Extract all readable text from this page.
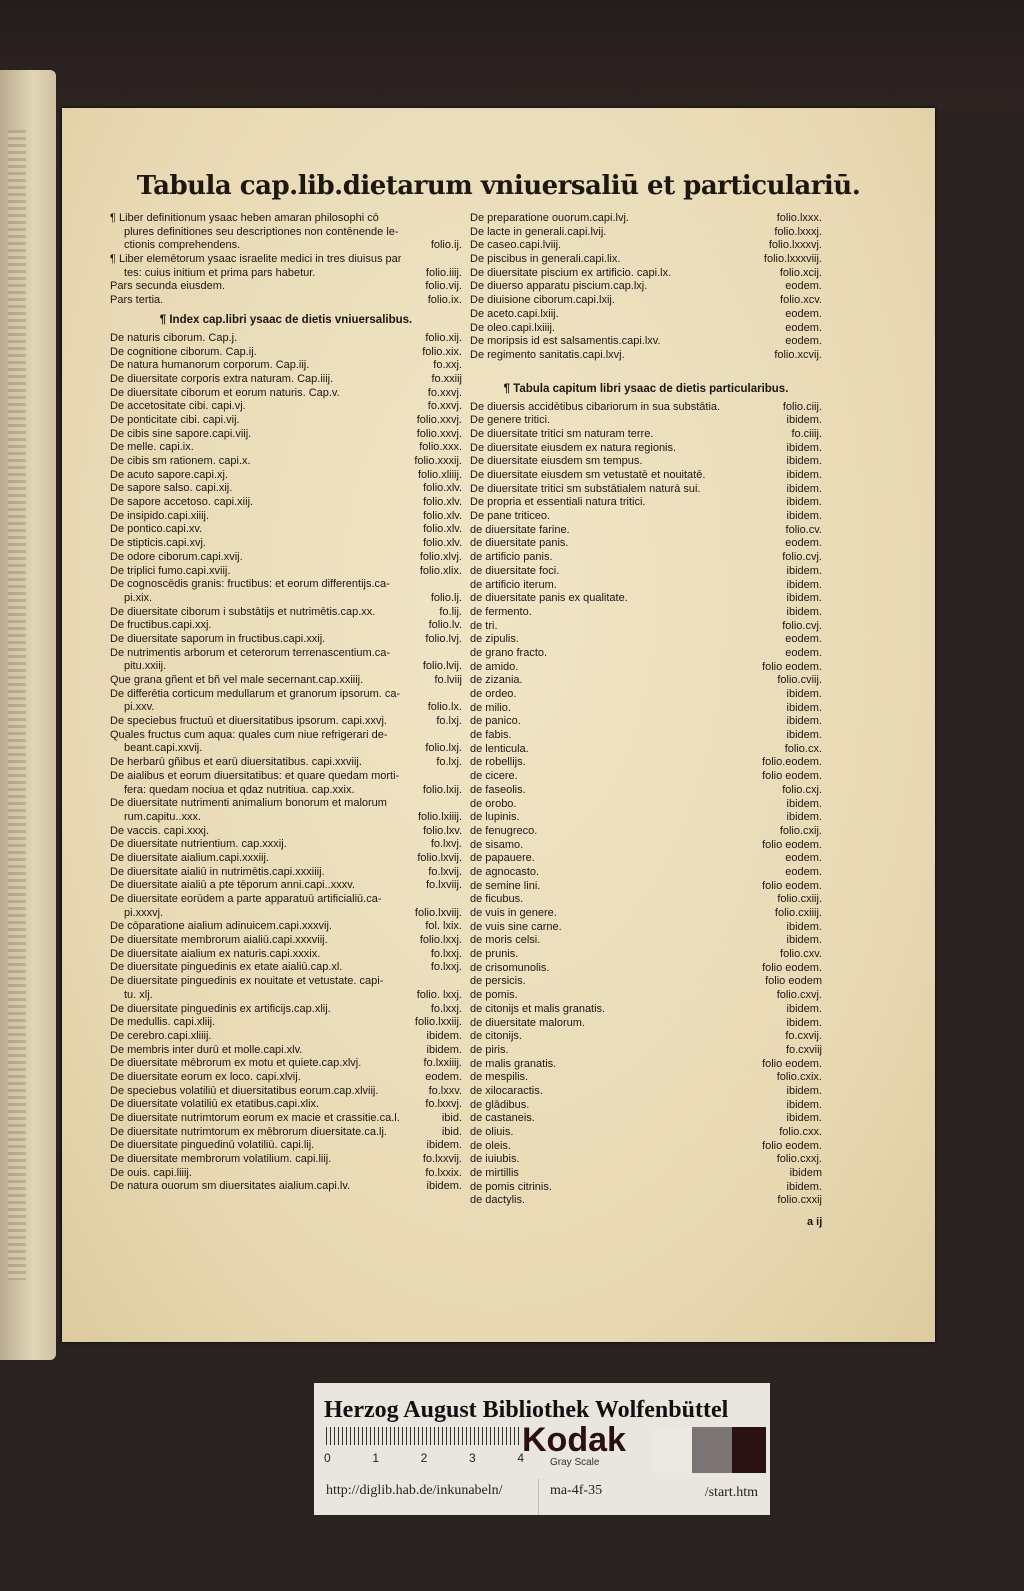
Tabula cap.lib.dietarum vniuersaliū et particulariū.
¶ Liber definitionum ysaac heben amaran philosophi cō
plures definitiones seu descriptiones non contēnende le-
ctionis comprehendens.	folio.ij.
¶ Liber elemētorum ysaac israelite medici in tres diuisus par
tes: cuius initium et prima pars habetur.	folio.iiij.
Pars secunda eiusdem.	folio.vij.
Pars tertia.	folio.ix.
¶ Index cap.libri ysaac de dietis vniuersalibus.
De naturis ciborum. Cap.j.	folio.xij.
De cognitione ciborum. Cap.ij.	folio.xix.
De natura humanorum corporum. Cap.iij.	fo.xxj.
De diuersitate corporis extra naturam. Cap.iiij.	fo.xxiij
De diuersitate ciborum et eorum naturis. Cap.v.	fo.xxvj.
De accetositate cibi. capi.vj.	fo.xxvj.
De ponticitate cibi. capi.vij.	folio.xxvj.
De cibis sine sapore.capi.viij.	folio.xxvj.
De melle. capi.ix.	folio.xxx.
De cibis sm rationem. capi.x.	folio.xxxij.
De acuto sapore.capi.xj.	folio.xliiij.
De sapore salso. capi.xij.	folio.xlv.
De sapore accetoso. capi.xiij.	folio.xlv.
De insipido.capi.xiiij.	folio.xlv.
De pontico.capi.xv.	folio.xlv.
De stipticis.capi.xvj.	folio.xlv.
De odore ciborum.capi.xvij.	folio.xlvj.
De triplici fumo.capi.xviij.	folio.xlix.
De cognoscēdis granis: fructibus: et eorum differentijs.ca-
pi.xix.	folio.lj.
De diuersitate ciborum i substātijs et nutrimētis.cap.xx.	fo.lij.
De fructibus.capi.xxj.	folio.lv.
De diuersitate saporum in fructibus.capi.xxij.	folio.lvj.
De nutrimentis arborum et ceterorum terrenascentium.ca-
pitu.xxiij.	folio.lvij.
Que grana gñent et bñ vel male secernant.cap.xxiiij.	fo.lviij
De differētia corticum medullarum et granorum ipsorum. ca-
pi.xxv.	folio.lx.
De speciebus fructuū et diuersitatibus ipsorum. capi.xxvj.	fo.lxj.
Quales fructus cum aqua: quales cum niue refrigerari de-
beant.capi.xxvij.	folio.lxj.
De herbarū gñibus et earū diuersitatibus. capi.xxviij.	fo.lxj.
De aialibus et eorum diuersitatibus: et quare quedam morti-
fera: quedam nociua et qdaz nutritiua. cap.xxix.	folio.lxij.
De diuersitate nutrimenti animalium bonorum et malorum
rum.capitu..xxx.	folio.lxiiij.
De vaccis. capi.xxxj.	folio.lxv.
De diuersitate nutrientium. cap.xxxij.	fo.lxvj.
De diuersitate aialium.capi.xxxiij.	folio.lxvij.
De diuersitate aialiū in nutrimētis.capi.xxxiiij.	fo.lxvij.
De diuersitate aialiū a pte tēporum anni.capi..xxxv.	fo.lxviij.
De diuersitate eorūdem a parte apparatuū artificialiū.ca-
pi.xxxvj.	folio.lxviij.
De cōparatione aialium adinuicem.capi.xxxvij.	fol. lxix.
De diuersitate membrorum aialiū.capi.xxxviij.	folio.lxxj.
De diuersitate aialium ex naturis.capi.xxxix.	fo.lxxj.
De diuersitate pinguedinis ex etate aialiū.cap.xl.	fo.lxxj.
De diuersitate pinguedinis ex nouitate et vetustate. capi-
tu. xlj.	folio. lxxj.
De diuersitate pinguedinis ex artificijs.cap.xlij.	fo.lxxj.
De medullis. capi.xliij.	folio.lxxiij.
De cerebro.capi.xliiij.	ibidem.
De membris inter durū et molle.capi.xlv.	ibidem.
De diuersitate mēbrorum ex motu et quiete.cap.xlvj.	fo.lxxiiij.
De diuersitate eorum ex loco. capi.xlvij.	eodem.
De speciebus volatiliū et diuersitatibus eorum.cap.xlviij.	fo.lxxv.
De diuersitate volatiliū ex etatibus.capi.xlix.	fo.lxxvj.
De diuersitate nutrimtorum eorum ex macie et crassitie.ca.l.	ibid.
De diuersitate nutrimtorum ex mēbrorum diuersitate.ca.lj.	ibid.
De diuersitate pinguedinū volatiliū. capi.lij.	ibidem.
De diuersitate membrorum volatilium. capi.liij.	fo.lxxvij.
De ouis. capi.liiij.	fo.lxxix.
De natura ouorum sm diuersitates aialium.capi.lv.	ibidem.
De preparatione ouorum.capi.lvj.	folio.lxxx.
De lacte in generali.capi.lvij.	folio.lxxxj.
De caseo.capi.lviij.	folio.lxxxvj.
De piscibus in generali.capi.lix.	folio.lxxxviij.
De diuersitate piscium ex artificio. capi.lx.	folio.xcij.
De diuerso apparatu piscium.cap.lxj.	eodem.
De diuisione ciborum.capi.lxij.	folio.xcv.
De aceto.capi.lxiij.	eodem.
De oleo.capi.lxiiij.	eodem.
De moripsis id est salsamentis.capi.lxv.	eodem.
De regimento sanitatis.capi.lxvj.	folio.xcvij.
¶ Tabula capitum libri ysaac de dietis particularibus.
De diuersis accidētibus cibariorum in sua substātia.	folio.ciij.
De genere tritici.	ibidem.
De diuersitate tritici sm naturam terre.	fo.ciiij.
De diuersitate eiusdem ex natura regionis.	ibidem.
De diuersitate eiusdem sm tempus.	ibidem.
De diuersitate eiusdem sm vetustatē et nouitatē.	ibidem.
De diuersitate tritici sm substātialem naturā sui.	ibidem.
De propria et essentiali natura tritici.	ibidem.
De pane triticeo.	ibidem.
de diuersitate farine.	folio.cv.
de diuersitate panis.	eodem.
de artificio panis.	folio.cvj.
de diuersitate foci.	ibidem.
de artificio iterum.	ibidem.
de diuersitate panis ex qualitate.	ibidem.
de fermento.	ibidem.
de tri.	folio.cvj.
de zipulis.	eodem.
de grano fracto.	eodem.
de amido.	folio eodem.
de zizania.	folio.cviij.
de ordeo.	ibidem.
de milio.	ibidem.
de panico.	ibidem.
de fabis.	ibidem.
de lenticula.	folio.cx.
de robellijs.	folio.eodem.
de cicere.	folio eodem.
de faseolis.	folio.cxj.
de orobo.	ibidem.
de lupinis.	ibidem.
de fenugreco.	folio.cxij.
de sisamo.	folio eodem.
de papauere.	eodem.
de agnocasto.	eodem.
de semine lini.	folio eodem.
de ficubus.	folio.cxiij.
de vuis in genere.	folio.cxiiij.
de vuis sine carne.	ibidem.
de moris celsi.	ibidem.
de prunis.	folio.cxv.
de crisomunolis.	folio eodem.
de persicis.	folio eodem
de pomis.	folio.cxvj.
de citonijs et malis granatis.	ibidem.
de diuersitate malorum.	ibidem.
de citonijs.	fo.cxvij.
de piris.	fo.cxviij
de malis granatis.	folio eodem.
de mespilis.	folio.cxix.
de xilocaractis.	ibidem.
de glādibus.	ibidem.
de castaneis.	ibidem.
de oliuis.	folio.cxx.
de oleis.	folio eodem.
de iuiubis.	folio.cxxj.
de mirtillis	ibidem
de pomis citrinis.	ibidem.
de dactylis.	folio.cxxij
a ij
Herzog August Bibliothek Wolfenbüttel
0	1	2	3	4
Kodak
Gray Scale
http://diglib.hab.de/inkunabeln/	ma-4f-35	/start.htm
